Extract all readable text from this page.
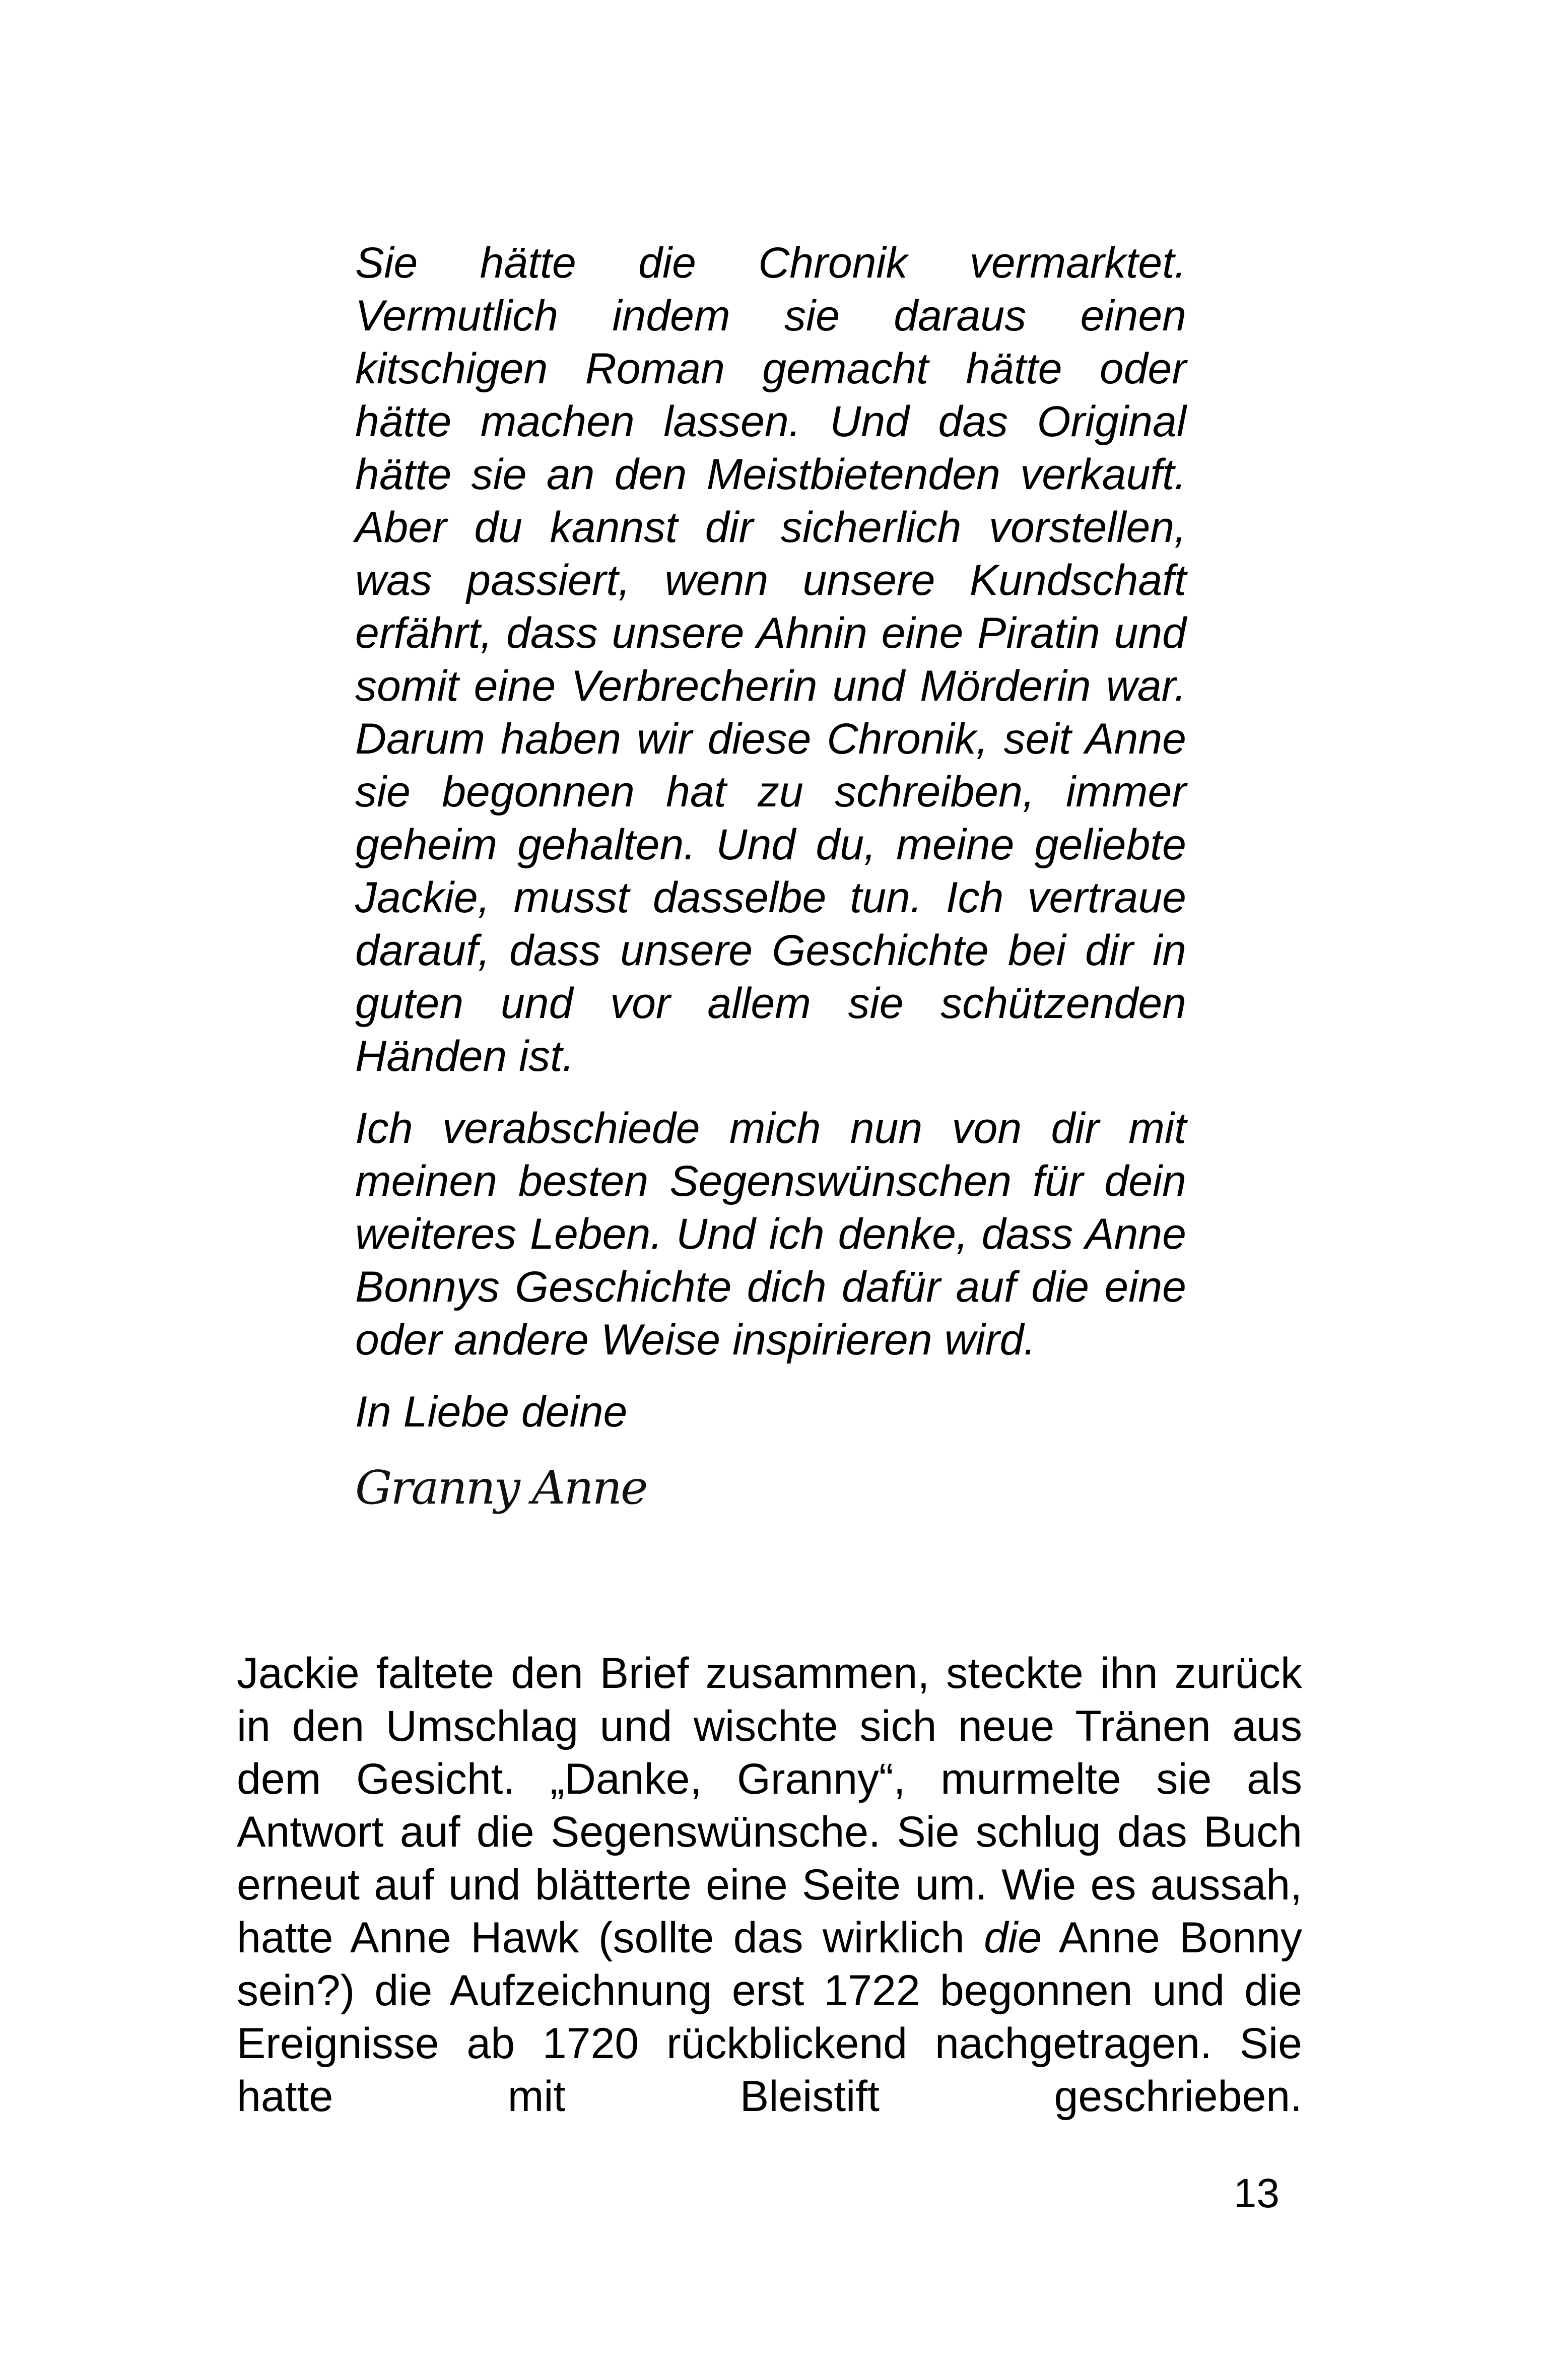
Sie hätte die Chronik vermarktet. Vermutlich indem sie daraus einen kitschigen Roman gemacht hätte oder hätte machen lassen. Und das Original hätte sie an den Meistbietenden verkauft. Aber du kannst dir sicherlich vorstellen, was passiert, wenn unsere Kundschaft erfährt, dass unsere Ahnin eine Piratin und somit eine Verbrecherin und Mörderin war. Darum haben wir diese Chronik, seit Anne sie begonnen hat zu schreiben, immer geheim gehalten. Und du, meine geliebte Jackie, musst dasselbe tun. Ich vertraue darauf, dass unsere Geschichte bei dir in guten und vor allem sie schützenden Händen ist.

Ich verabschiede mich nun von dir mit meinen besten Segenswünschen für dein weiteres Leben. Und ich denke, dass Anne Bonnys Geschichte dich dafür auf die eine oder andere Weise inspirieren wird.

In Liebe deine

Granny Anne

Jackie faltete den Brief zusammen, steckte ihn zurück in den Umschlag und wischte sich neue Tränen aus dem Gesicht. „Danke, Granny“, murmelte sie als Antwort auf die Segenswünsche. Sie schlug das Buch erneut auf und blätterte eine Seite um. Wie es aussah, hatte Anne Hawk (sollte das wirklich die Anne Bonny sein?) die Aufzeichnung erst 1722 begonnen und die Ereignisse ab 1720 rückblickend nachgetragen. Sie hatte mit Bleistift geschrieben.

13
